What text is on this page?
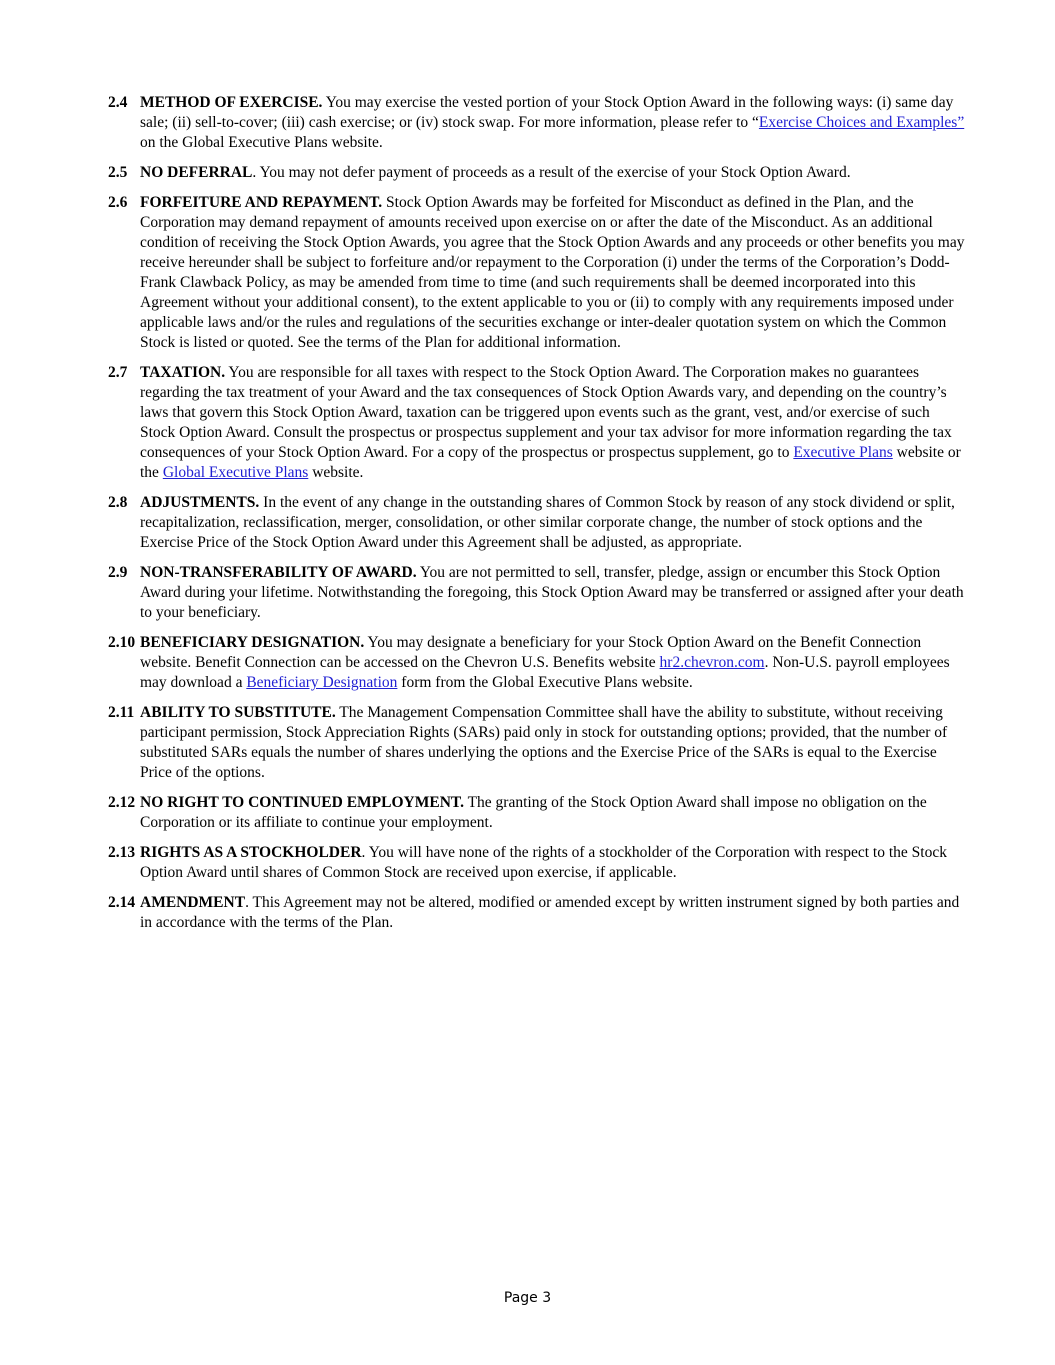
2.4 METHOD OF EXERCISE. You may exercise the vested portion of your Stock Option Award in the following ways: (i) same day sale; (ii) sell-to-cover; (iii) cash exercise; or (iv) stock swap. For more information, please refer to “Exercise Choices and Examples” on the Global Executive Plans website.
2.5 NO DEFERRAL. You may not defer payment of proceeds as a result of the exercise of your Stock Option Award.
2.6 FORFEITURE AND REPAYMENT. Stock Option Awards may be forfeited for Misconduct as defined in the Plan, and the Corporation may demand repayment of amounts received upon exercise on or after the date of the Misconduct. As an additional condition of receiving the Stock Option Awards, you agree that the Stock Option Awards and any proceeds or other benefits you may receive hereunder shall be subject to forfeiture and/or repayment to the Corporation (i) under the terms of the Corporation’s Dodd-Frank Clawback Policy, as may be amended from time to time (and such requirements shall be deemed incorporated into this Agreement without your additional consent), to the extent applicable to you or (ii) to comply with any requirements imposed under applicable laws and/or the rules and regulations of the securities exchange or inter-dealer quotation system on which the Common Stock is listed or quoted. See the terms of the Plan for additional information.
2.7 TAXATION. You are responsible for all taxes with respect to the Stock Option Award. The Corporation makes no guarantees regarding the tax treatment of your Award and the tax consequences of Stock Option Awards vary, and depending on the country’s laws that govern this Stock Option Award, taxation can be triggered upon events such as the grant, vest, and/or exercise of such Stock Option Award. Consult the prospectus or prospectus supplement and your tax advisor for more information regarding the tax consequences of your Stock Option Award. For a copy of the prospectus or prospectus supplement, go to Executive Plans website or the Global Executive Plans website.
2.8 ADJUSTMENTS. In the event of any change in the outstanding shares of Common Stock by reason of any stock dividend or split, recapitalization, reclassification, merger, consolidation, or other similar corporate change, the number of stock options and the Exercise Price of the Stock Option Award under this Agreement shall be adjusted, as appropriate.
2.9 NON-TRANSFERABILITY OF AWARD. You are not permitted to sell, transfer, pledge, assign or encumber this Stock Option Award during your lifetime. Notwithstanding the foregoing, this Stock Option Award may be transferred or assigned after your death to your beneficiary.
2.10 BENEFICIARY DESIGNATION. You may designate a beneficiary for your Stock Option Award on the Benefit Connection website. Benefit Connection can be accessed on the Chevron U.S. Benefits website hr2.chevron.com. Non-U.S. payroll employees may download a Beneficiary Designation form from the Global Executive Plans website.
2.11 ABILITY TO SUBSTITUTE. The Management Compensation Committee shall have the ability to substitute, without receiving participant permission, Stock Appreciation Rights (SARs) paid only in stock for outstanding options; provided, that the number of substituted SARs equals the number of shares underlying the options and the Exercise Price of the SARs is equal to the Exercise Price of the options.
2.12 NO RIGHT TO CONTINUED EMPLOYMENT. The granting of the Stock Option Award shall impose no obligation on the Corporation or its affiliate to continue your employment.
2.13 RIGHTS AS A STOCKHOLDER. You will have none of the rights of a stockholder of the Corporation with respect to the Stock Option Award until shares of Common Stock are received upon exercise, if applicable.
2.14 AMENDMENT. This Agreement may not be altered, modified or amended except by written instrument signed by both parties and in accordance with the terms of the Plan.
Page 3
